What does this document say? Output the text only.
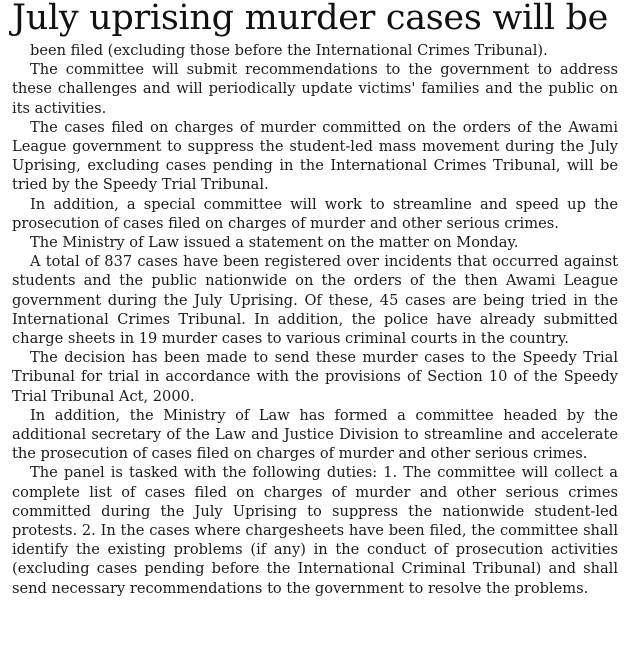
July uprising murder cases will be

been filed (excluding those before the International Crimes Tribunal).

The committee will submit recommendations to the government to address these challenges and will periodically update victims' families and the public on its activities.

The cases filed on charges of murder committed on the orders of the Awami League government to suppress the student-led mass movement during the July Uprising, excluding cases pending in the International Crimes Tribunal, will be tried by the Speedy Trial Tribunal.

In addition, a special committee will work to streamline and speed up the prosecution of cases filed on charges of murder and other serious crimes.

The Ministry of Law issued a statement on the matter on Monday.

A total of 837 cases have been registered over incidents that occurred against students and the public nationwide on the orders of the then Awami League government during the July Uprising. Of these, 45 cases are being tried in the International Crimes Tribunal. In addition, the police have already submitted charge sheets in 19 murder cases to various criminal courts in the country.

The decision has been made to send these murder cases to the Speedy Trial Tribunal for trial in accordance with the provisions of Section 10 of the Speedy Trial Tribunal Act, 2000.

In addition, the Ministry of Law has formed a committee headed by the additional secretary of the Law and Justice Division to streamline and accelerate the prosecution of cases filed on charges of murder and other serious crimes.

The panel is tasked with the following duties: 1. The committee will collect a complete list of cases filed on charges of murder and other serious crimes committed during the July Uprising to suppress the nationwide student-led protests. 2. In the cases where chargesheets have been filed, the committee shall identify the existing problems (if any) in the conduct of prosecution activities (excluding cases pending before the International Criminal Tribunal) and shall send necessary recommendations to the government to resolve the problems.
